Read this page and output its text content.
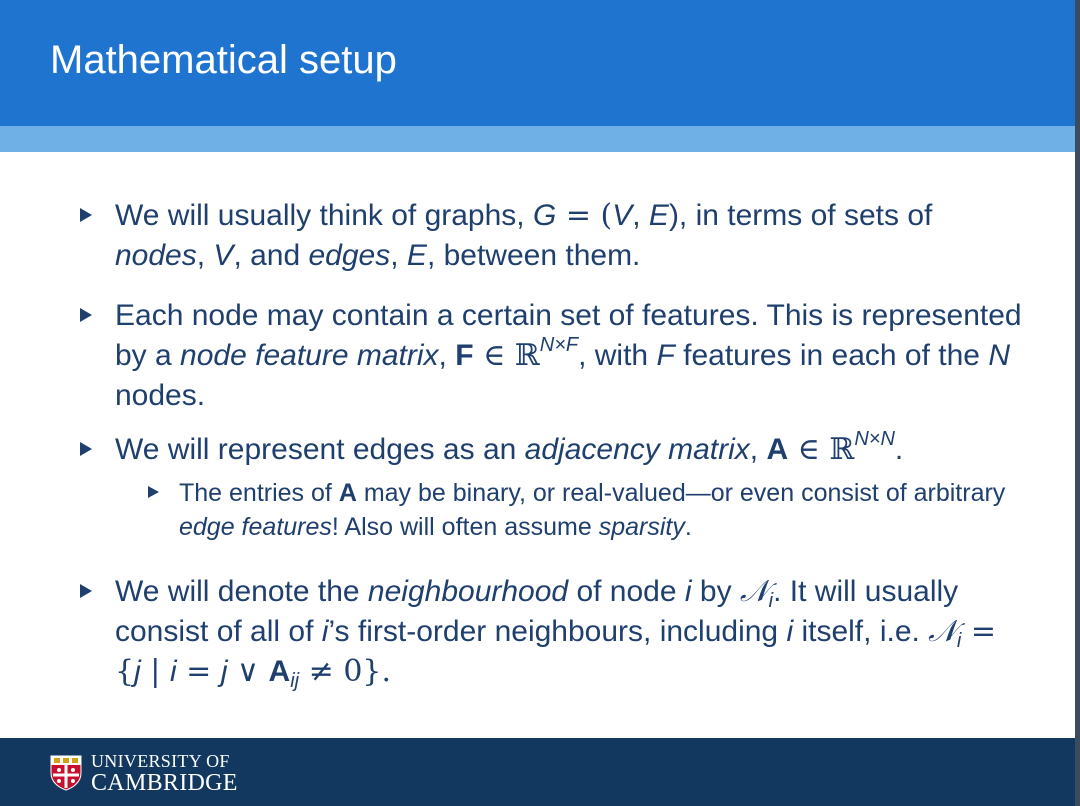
Mathematical setup
We will usually think of graphs, G = (V, E), in terms of sets of nodes, V, and edges, E, between them.
Each node may contain a certain set of features. This is represented by a node feature matrix, F ∈ ℝ$^{N\times F}$, with F features in each of the N nodes.
We will represent edges as an adjacency matrix, A ∈ ℝ$^{N\times N}$.
The entries of A may be binary, or real-valued—or even consist of arbitrary edge features! Also will often assume sparsity.
We will denote the neighbourhood of node i by 𝒩$_i$. It will usually consist of all of i’s first-order neighbours, including i itself, i.e. 𝒩$_i$ = {j | i = j ∨ $A_{ij} \ne 0$}.
UNIVERSITY OF
CAMBRIDGE
